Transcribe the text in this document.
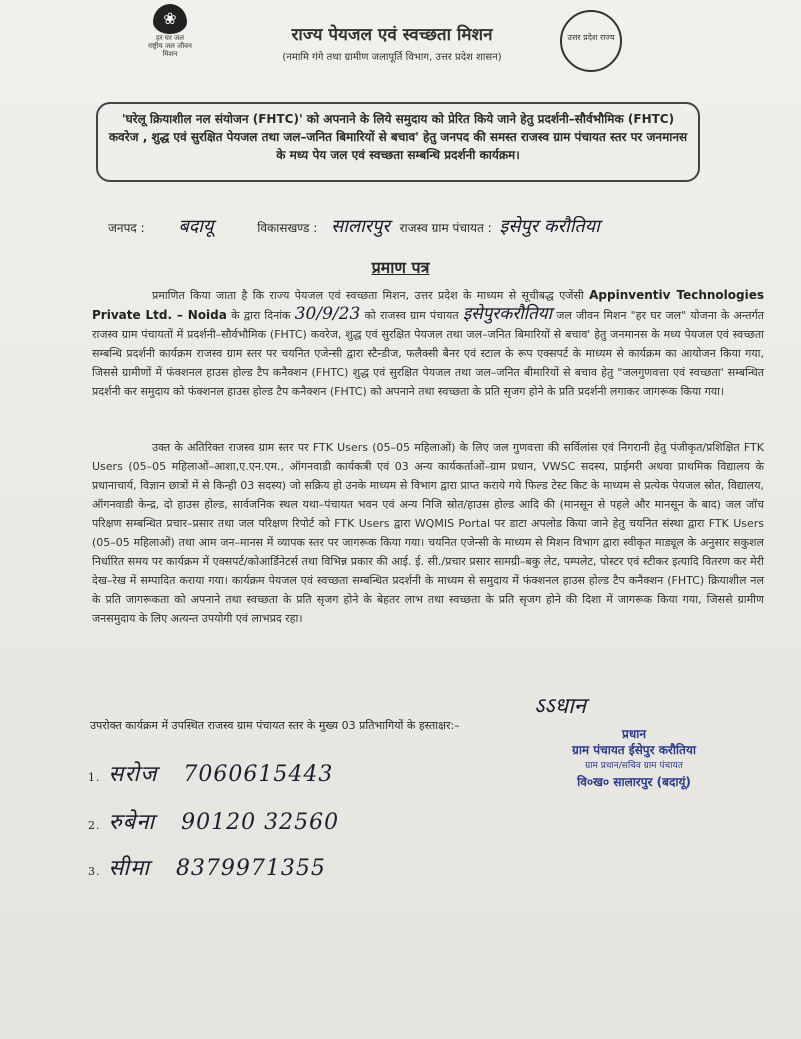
❀
हर घर जल
राष्ट्रीय जल जीवन मिशन
राज्य पेयजल एवं स्वच्छता मिशन
(नमामि गंगे तथा ग्रामीण जलापूर्ति विभाग, उत्तर प्रदेश शासन)
उत्तर प्रदेश राज्य
'घरेलू क्रियाशील नल संयोजन (FHTC)' को अपनाने के लिये समुदाय को प्रेरित किये जाने हेतु प्रदर्शनी–सौर्वभौमिक (FHTC) कवरेज , शुद्ध एवं सुरक्षित पेयजल तथा जल–जनित बिमारियों से बचाव' हेतु जनपद की समस्त राजस्व ग्राम पंचायत स्तर पर जनमानस के मध्य पेय जल एवं स्वच्छता सम्बन्धि प्रदर्शनी कार्यक्रम।
जनपद : बदायू	विकासखण्ड : सालारपुर राजस्व ग्राम पंचायत : इसेपुर करौतिया
प्रमाण पत्र
प्रमाणित किया जाता है कि राज्य पेयजल एवं स्वच्छता मिशन, उत्तर प्रदेश के माध्यम से सूचीबद्ध एजेंसी Appinventiv Technologies Private Ltd. – Noida के द्वारा दिनांक 30/9/23 को राजस्व ग्राम पंचायत इसेपुरकरौतिया जल जीवन मिशन "हर घर जल" योजना के अन्तर्गत राजस्व ग्राम पंचायतों में प्रदर्शनी–सौर्वभौमिक (FHTC) कवरेज, शुद्ध एवं सुरक्षित पेयजल तथा जल–जनित बिमारियों से बचाव' हेतु जनमानस के मध्य पेयजल एवं स्वच्छता सम्बन्धि प्रदर्शनी कार्यक्रम राजस्व ग्राम स्तर पर चयनित एजेन्सी द्वारा स्टैन्डीज, फलैक्सी बैनर एवं स्टाल के रूप एक्सपर्ट के माध्यम से कार्यक्रम का आयोजन किया गया, जिससे ग्रामीणों में फंक्शनल हाउस होल्ड टैप कनैक्शन (FHTC) शुद्ध एवं सुरक्षित पेयजल तथा जल–जनित बीमारियों से बचाव हेतु "जलगुणवत्ता एवं स्वच्छता' सम्बन्धित प्रदर्शनी कर समुदाय को फंक्शनल हाउस होल्ड टैप कनैक्शन (FHTC) को अपनाने तथा स्वच्छता के प्रति सृजग होने के प्रति प्रदर्शनी लगाकर जागरूक किया गया।
उक्त के अतिरिक्त राजस्व ग्राम स्तर पर FTK Users (05–05 महिलाओं) के लिए जल गुणवत्ता की सर्विलांस एवं निगरानी हेतु पंजीकृत/प्रशिक्षित FTK Users (05–05 महिलाओं–आशा,ए.एन.एम., ऑगनवाडी कार्यकत्री एवं 03 अन्य कार्यकर्ताओं–ग्राम प्रधान, VWSC सदस्य, प्राईमरी अथवा प्राथमिक विद्यालय के प्रधानाचार्य, विज्ञान छात्रों में से किन्ही 03 सदस्य) जो सक्रिय हो उनके माध्यम से विभाग द्वारा प्राप्त कराये गये फिल्ड टेस्ट किट के माध्यम से प्रत्येक पेयजल स्रोत, विद्यालय, ऑगनवाडी केन्द्र, दो हाउस होल्ड, सार्वजनिक स्थल यथा–पंचायत भवन एवं अन्य निजि स्रोत/हाउस होल्ड आदि की (मानसून से पहले और मानसून के बाद) जल जॉच परिक्षण सम्बन्धित प्रचार–प्रसार तथा जल परिक्षण रिपोर्ट को FTK Users द्वारा WQMIS Portal पर डाटा अपलोड किया जाने हेतु चयनित संस्था द्वारा FTK Users (05–05 महिलाओं) तथा आम जन–मानस में व्यापक स्तर पर जागरूक किया गया। चयनित एजेन्सी के माध्यम से मिशन विभाग द्वारा स्वीकृत माड्यूल के अनुसार सकुशल निर्धारित समय पर कार्यक्रम में एक्सपर्ट/कोआर्डिनेटर्स तथा विभिन्न प्रकार की आई. ई. सी./प्रचार प्रसार सामग्री–बकु लेट, पम्पलेट, पोस्टर एवं स्टीकर इत्यादि वितरण कर मेरी देख–रेख में सम्पादित कराया गया। कार्यक्रम पेयजल एवं स्वच्छता सम्बन्धित प्रदर्शनी के माध्यम से समुदाय में फंक्शनल हाउस होल्ड टैप कनैक्शन (FHTC) क्रियाशील नल के प्रति जागरूकता को अपनाने तथा स्वच्छता के प्रति सृजग होने के बेहतर लाभ तथा स्वच्छता के प्रति सृजग होने की दिशा में जागरूक किया गया, जिससे ग्रामीण जनसमुदाय के लिए अत्यन्त उपयोगी एवं लाभप्रद रहा।
उपरोक्त कार्यक्रम में उपस्थित राजस्व ग्राम पंचायत स्तर के मुख्य 03 प्रतिभागियों के हस्ताक्षर:–
1. सरोज 7060615443
2. रुबेना 90120 32560
3. सीमा 8379971355
ऽऽधान
प्रधान
ग्राम पंचायत ईसेपुर करौतिया
ग्राम प्रधान/सचिव ग्राम पंचायत
वि०ख० सालारपुर (बदायूं)
